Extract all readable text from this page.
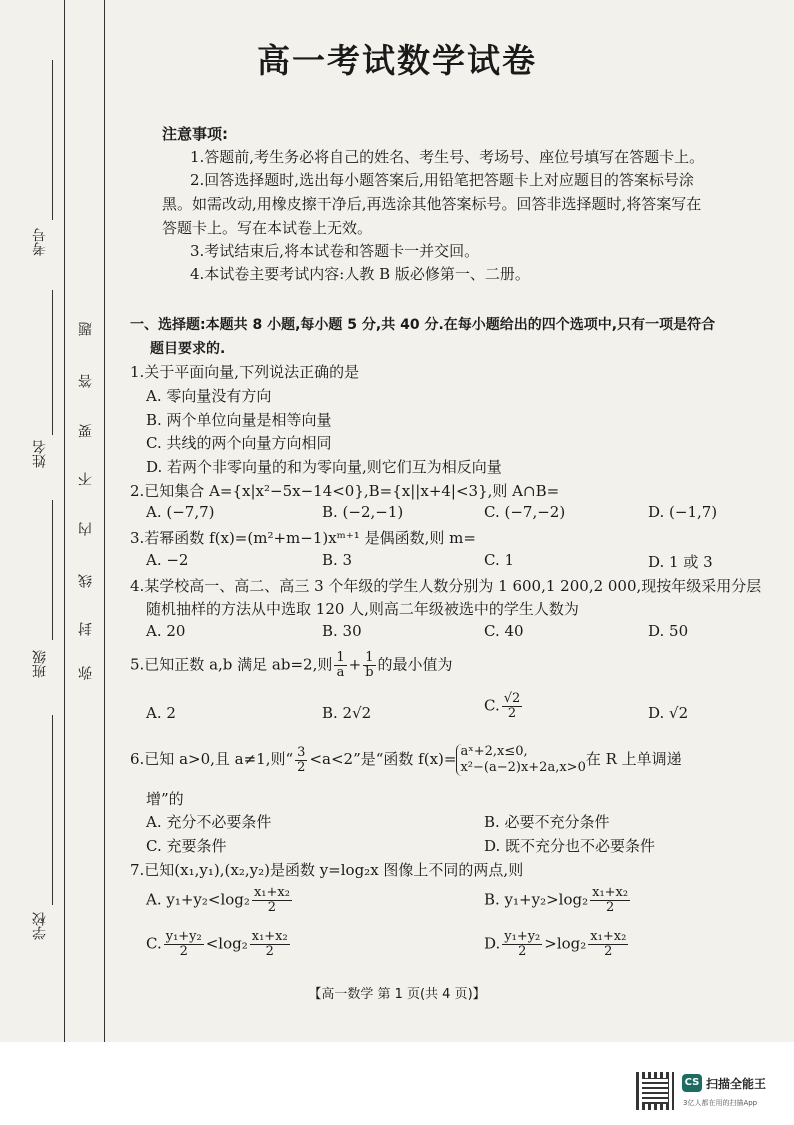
考号
姓名
班级
学校
题
答
要
不
内
线
封
弥
高一考试数学试卷
注意事项:
1.答题前,考生务必将自己的姓名、考生号、考场号、座位号填写在答题卡上。
2.回答选择题时,选出每小题答案后,用铅笔把答题卡上对应题目的答案标号涂
黑。如需改动,用橡皮擦干净后,再选涂其他答案标号。回答非选择题时,将答案写在
答题卡上。写在本试卷上无效。
3.考试结束后,将本试卷和答题卡一并交回。
4.本试卷主要考试内容:人教 B 版必修第一、二册。
一、选择题:本题共 8 小题,每小题 5 分,共 40 分.在每小题给出的四个选项中,只有一项是符合
题目要求的.
1.关于平面向量,下列说法正确的是
A. 零向量没有方向
B. 两个单位向量是相等向量
C. 共线的两个向量方向相同
D. 若两个非零向量的和为零向量,则它们互为相反向量
2.已知集合 A={x|x²−5x−14<0},B={x||x+4|<3},则 A∩B=
A. (−7,7)	B. (−2,−1)	C. (−7,−2)	D. (−1,7)
3.若幂函数 f(x)=(m²+m−1)xᵐ⁺¹ 是偶函数,则 m=
A. −2	B. 3	C. 1	D. 1 或 3
4.某学校高一、高二、高三 3 个年级的学生人数分别为 1 600,1 200,2 000,现按年级采用分层
随机抽样的方法从中选取 120 人,则高二年级被选中的学生人数为
A. 20	B. 30	C. 40	D. 50
5.已知正数 a,b 满足 ab=2,则 $\frac{1}{a} + \frac{1}{b}$ 的最小值为
A. 2	B. 2√2	C. $\frac{√2}{2}$	D. √2
6.已知 a>0,且 a≠1,则“ $\frac{3}{2} <a<2$”是“函数 f(x)= aˣ+2,x≤0,
x²−(a−2)x+2a,x>0 在 R 上单调递
增”的
A. 充分不必要条件	B. 必要不充分条件
C. 充要条件	D. 既不充分也不必要条件
7.已知(x₁,y₁),(x₂,y₂)是函数 y=log₂x 图像上不同的两点,则
A. $y_1+y_2<\log_2 \frac{\text{x₁+x₂}}{2}$	B. $y_1+y_2>\log_2 \frac{\text{x₁+x₂}}{2}$
C. $\frac{\text{y₁+y₂}}{2} <\log_2 \frac{\text{x₁+x₂}}{2}$	D. $\frac{\text{y₁+y₂}}{2} >\log_2 \frac{\text{x₁+x₂}}{2}$
【高一数学 第 1 页(共 4 页)】
CS 扫描全能王
3亿人都在用的扫描App
